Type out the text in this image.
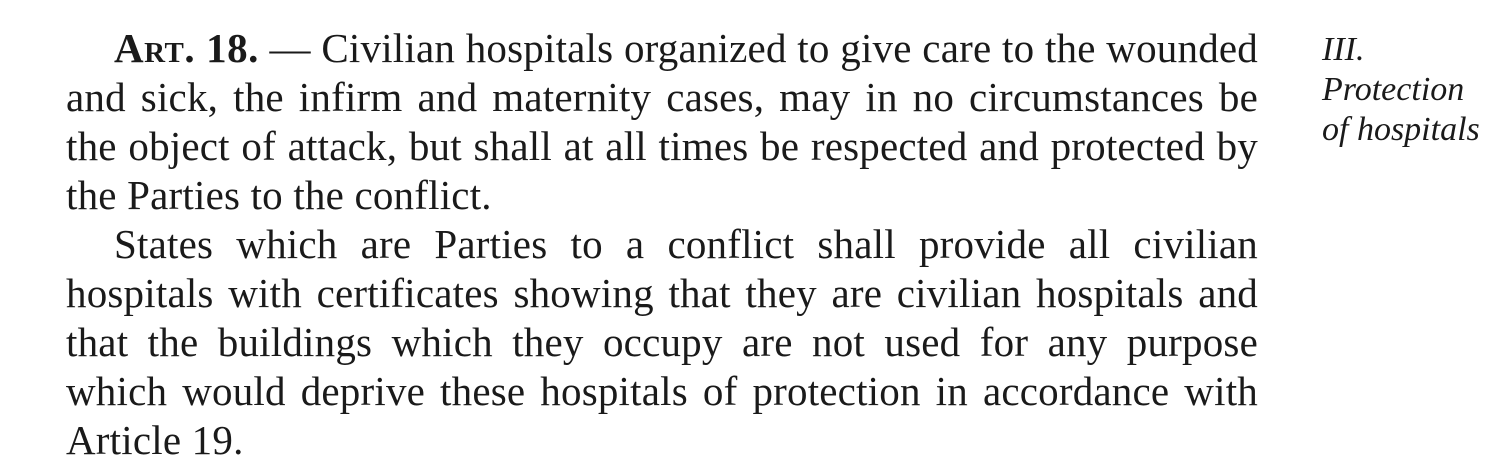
Art. 18. — Civilian hospitals organized to give care to the wounded and sick, the infirm and maternity cases, may in no circumstances be the object of attack, but shall at all times be respected and protected by the Parties to the conflict.

States which are Parties to a conflict shall provide all civilian hospitals with certificates showing that they are civilian hospitals and that the buildings which they occupy are not used for any purpose which would deprive these hospitals of protection in accordance with Article 19.

III.
Protection
of hospitals
